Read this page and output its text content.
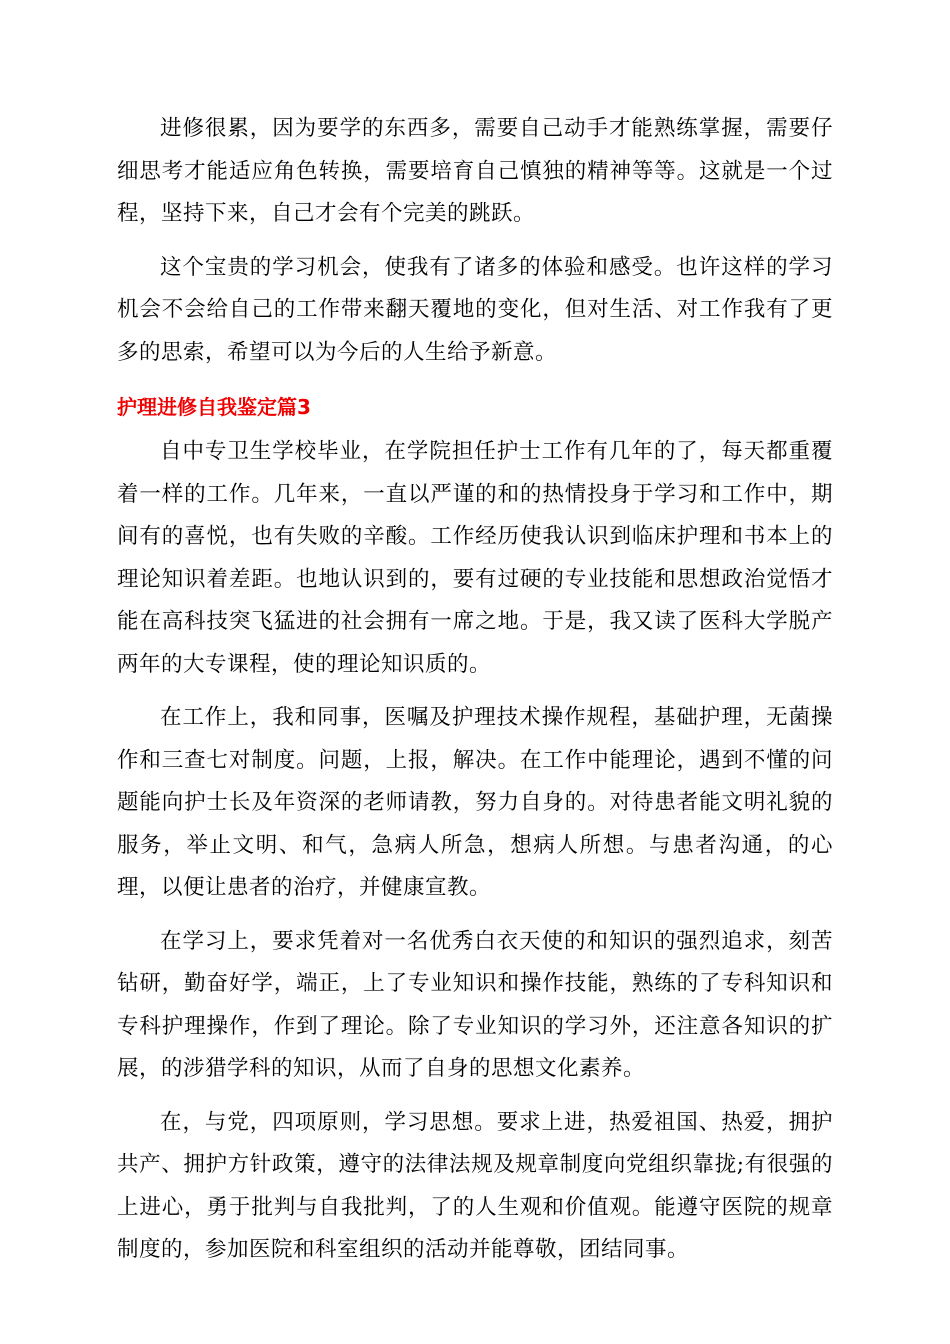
进修很累，因为要学的东西多，需要自己动手才能熟练掌握，需要仔细思考才能适应角色转换，需要培育自己慎独的精神等等。这就是一个过程，坚持下来，自己才会有个完美的跳跃。

这个宝贵的学习机会，使我有了诸多的体验和感受。也许这样的学习机会不会给自己的工作带来翻天覆地的变化，但对生活、对工作我有了更多的思索，希望可以为今后的人生给予新意。

护理进修自我鉴定篇3

自中专卫生学校毕业，在学院担任护士工作有几年的了，每天都重覆着一样的工作。几年来，一直以严谨的和的热情投身于学习和工作中，期间有的喜悦，也有失败的辛酸。工作经历使我认识到临床护理和书本上的理论知识着差距。也地认识到的，要有过硬的专业技能和思想政治觉悟才能在高科技突飞猛进的社会拥有一席之地。于是，我又读了医科大学脱产两年的大专课程，使的理论知识质的。

在工作上，我和同事，医嘱及护理技术操作规程，基础护理，无菌操作和三查七对制度。问题，上报，解决。在工作中能理论，遇到不懂的问题能向护士长及年资深的老师请教，努力自身的。对待患者能文明礼貌的服务，举止文明、和气，急病人所急，想病人所想。与患者沟通，的心理，以便让患者的治疗，并健康宣教。

在学习上，要求凭着对一名优秀白衣天使的和知识的强烈追求，刻苦钻研，勤奋好学，端正，上了专业知识和操作技能，熟练的了专科知识和专科护理操作，作到了理论。除了专业知识的学习外，还注意各知识的扩展，的涉猎学科的知识，从而了自身的思想文化素养。

在，与党，四项原则，学习思想。要求上进，热爱祖国、热爱，拥护共产、拥护方针政策，遵守的法律法规及规章制度向党组织靠拢;有很强的上进心，勇于批判与自我批判，了的人生观和价值观。能遵守医院的规章制度的，参加医院和科室组织的活动并能尊敬，团结同事。
